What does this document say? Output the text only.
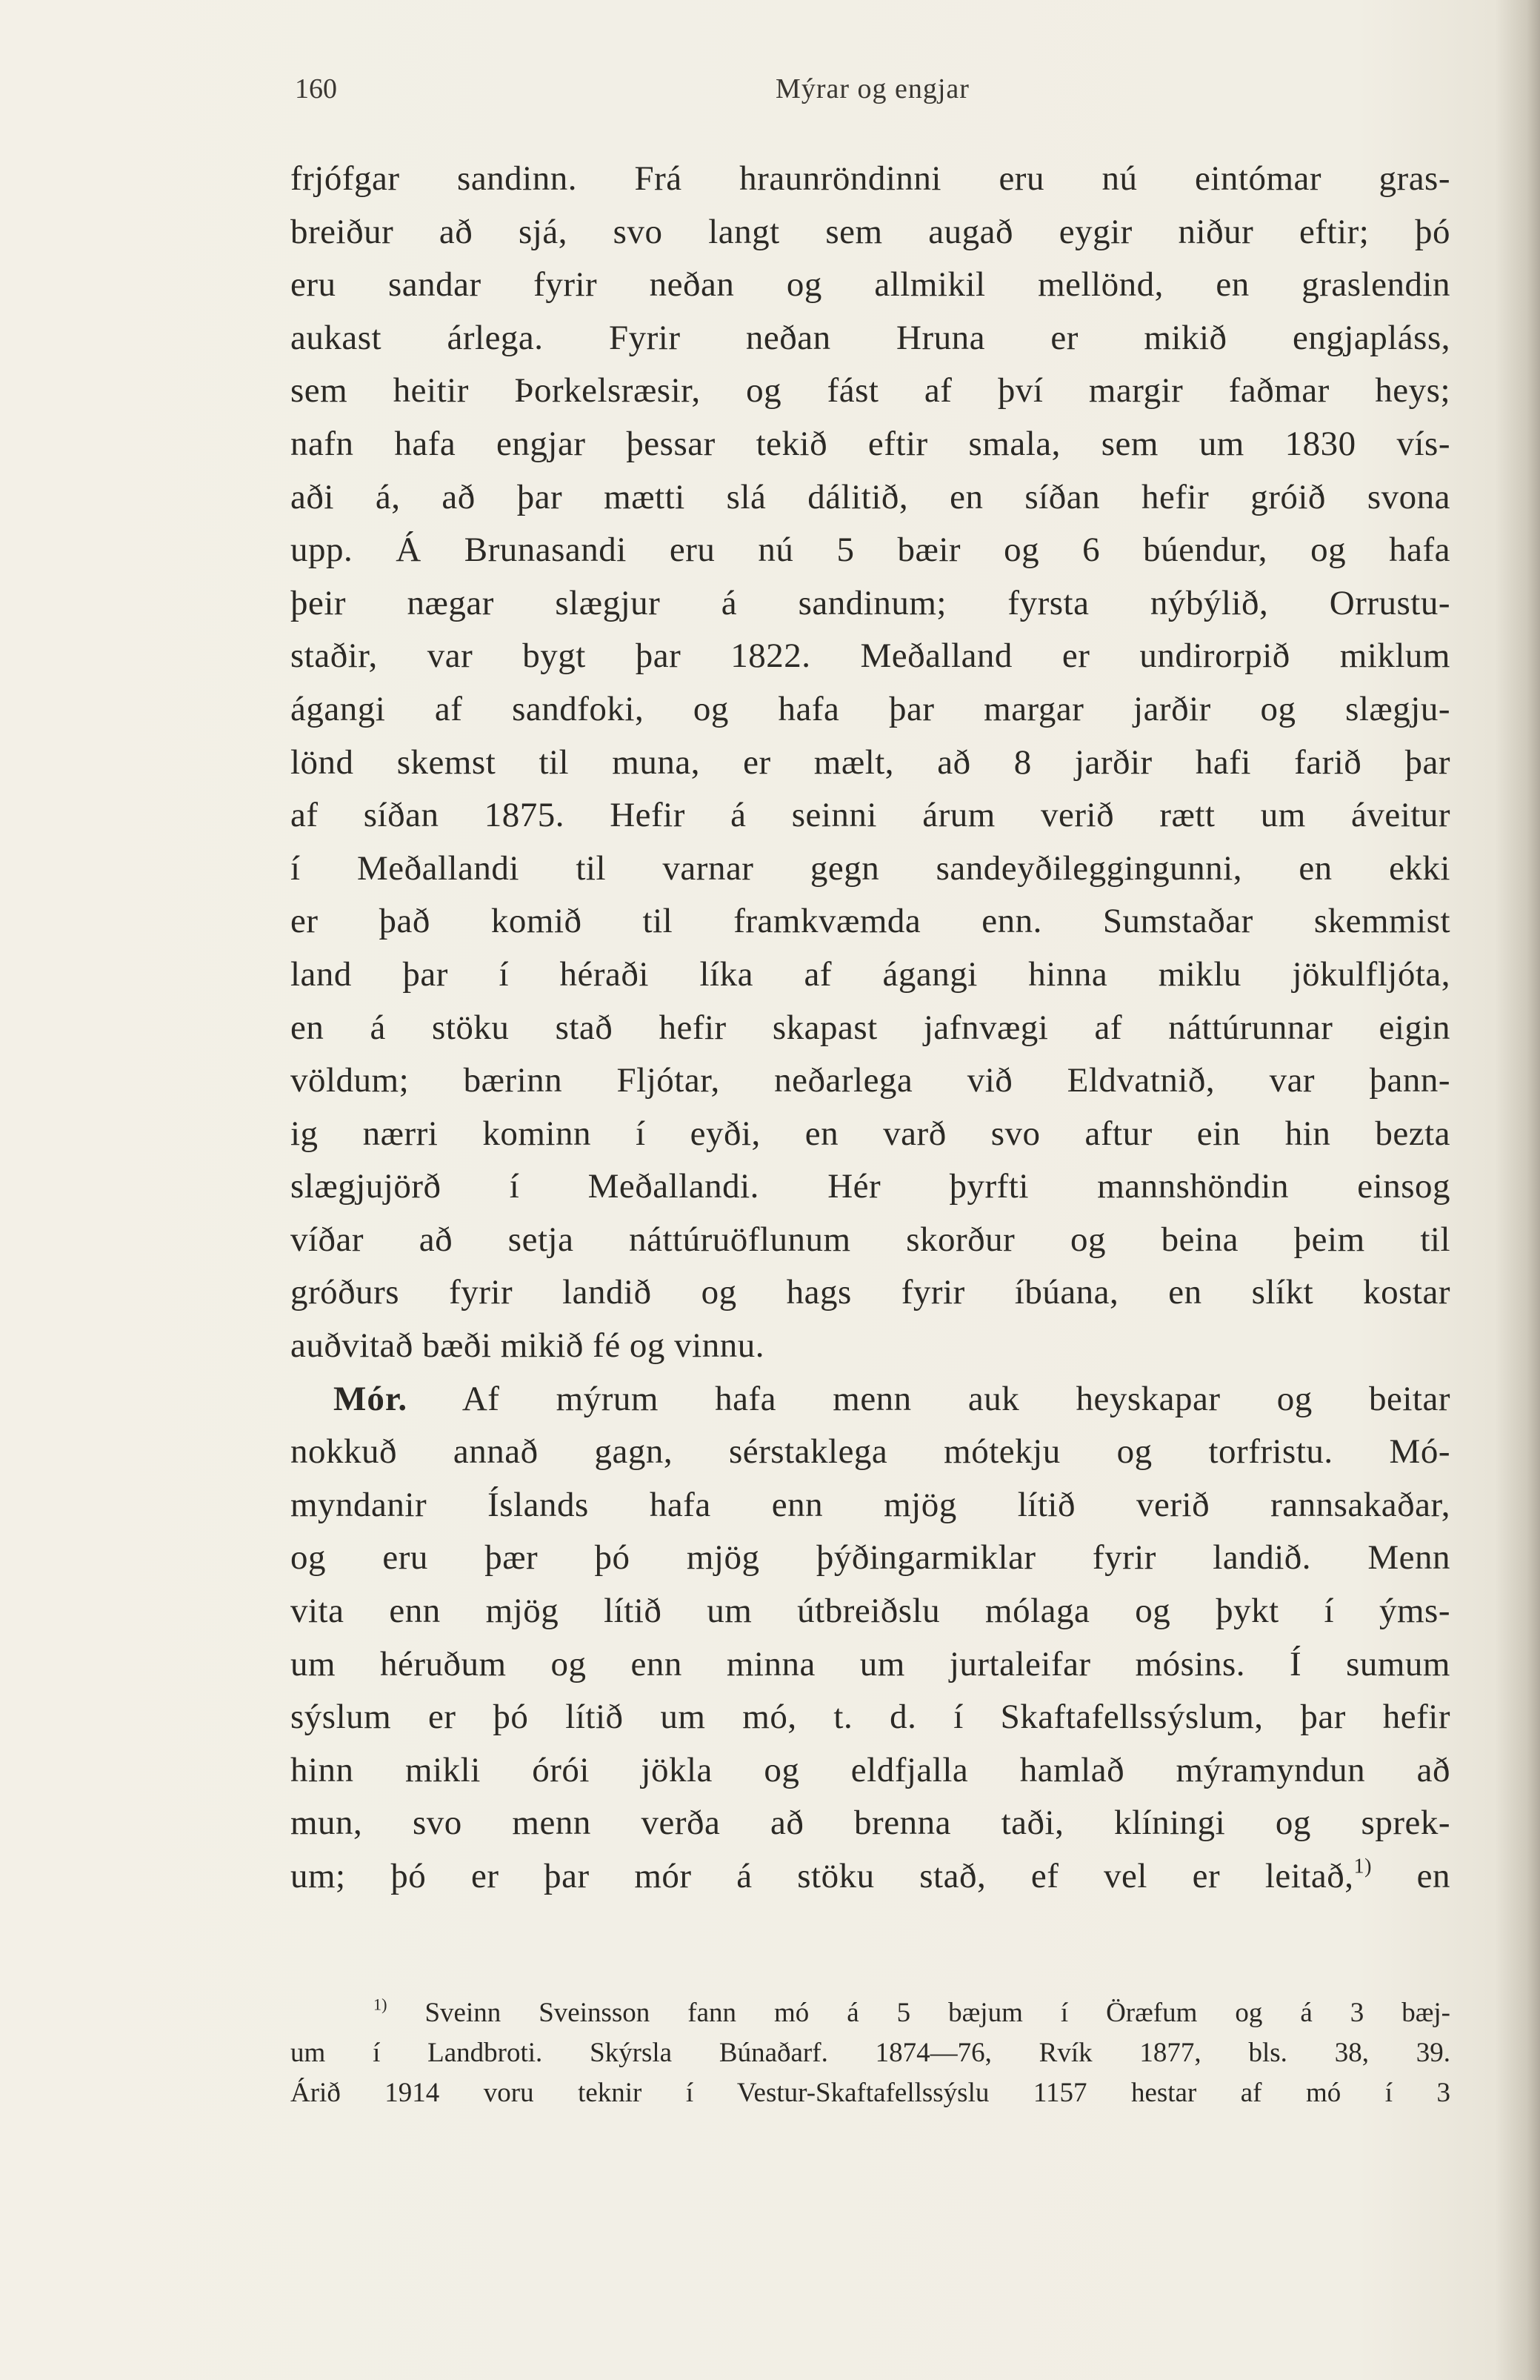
160	Mýrar og engjar
frjófgar sandinn. Frá hraunröndinni eru nú eintómar gras-
breiður að sjá, svo langt sem augað eygir niður eftir; þó
eru sandar fyrir neðan og allmikil mellönd, en graslendin
aukast árlega. Fyrir neðan Hruna er mikið engjapláss,
sem heitir Þorkelsræsir, og fást af því margir faðmar heys;
nafn hafa engjar þessar tekið eftir smala, sem um 1830 vís-
aði á, að þar mætti slá dálitið, en síðan hefir gróið svona
upp. Á Brunasandi eru nú 5 bæir og 6 búendur, og hafa
þeir nægar slægjur á sandinum; fyrsta nýbýlið, Orrustu-
staðir, var bygt þar 1822. Meðalland er undirorpið miklum
ágangi af sandfoki, og hafa þar margar jarðir og slægju-
lönd skemst til muna, er mælt, að 8 jarðir hafi farið þar
af síðan 1875. Hefir á seinni árum verið rætt um áveitur
í Meðallandi til varnar gegn sandeyðileggingunni, en ekki
er það komið til framkvæmda enn. Sumstaðar skemmist
land þar í héraði líka af ágangi hinna miklu jökulfljóta,
en á stöku stað hefir skapast jafnvægi af náttúrunnar eigin
völdum; bærinn Fljótar, neðarlega við Eldvatnið, var þann-
ig nærri kominn í eyði, en varð svo aftur ein hin bezta
slægjujörð í Meðallandi. Hér þyrfti mannshöndin einsog
víðar að setja náttúruöflunum skorður og beina þeim til
gróðurs fyrir landið og hags fyrir íbúana, en slíkt kostar
auðvitað bæði mikið fé og vinnu.
Mór. Af mýrum hafa menn auk heyskapar og beitar
nokkuð annað gagn, sérstaklega mótekju og torfristu. Mó-
myndanir Íslands hafa enn mjög lítið verið rannsakaðar,
og eru þær þó mjög þýðingarmiklar fyrir landið. Menn
vita enn mjög lítið um útbreiðslu mólaga og þykt í ýms-
um héruðum og enn minna um jurtaleifar mósins. Í sumum
sýslum er þó lítið um mó, t. d. í Skaftafellssýslum, þar hefir
hinn mikli órói jökla og eldfjalla hamlað mýramyndun að
mun, svo menn verða að brenna taði, klíningi og sprek-
um; þó er þar mór á stöku stað, ef vel er leitað,$^{1)}$ en
$^{1)}$ Sveinn Sveinsson fann mó á 5 bæjum í Öræfum og á 3 bæj-
um í Landbroti. Skýrsla Búnaðarf. 1874—76, Rvík 1877, bls. 38, 39.
Árið 1914 voru teknir í Vestur-Skaftafellssýslu 1157 hestar af mó í 3
